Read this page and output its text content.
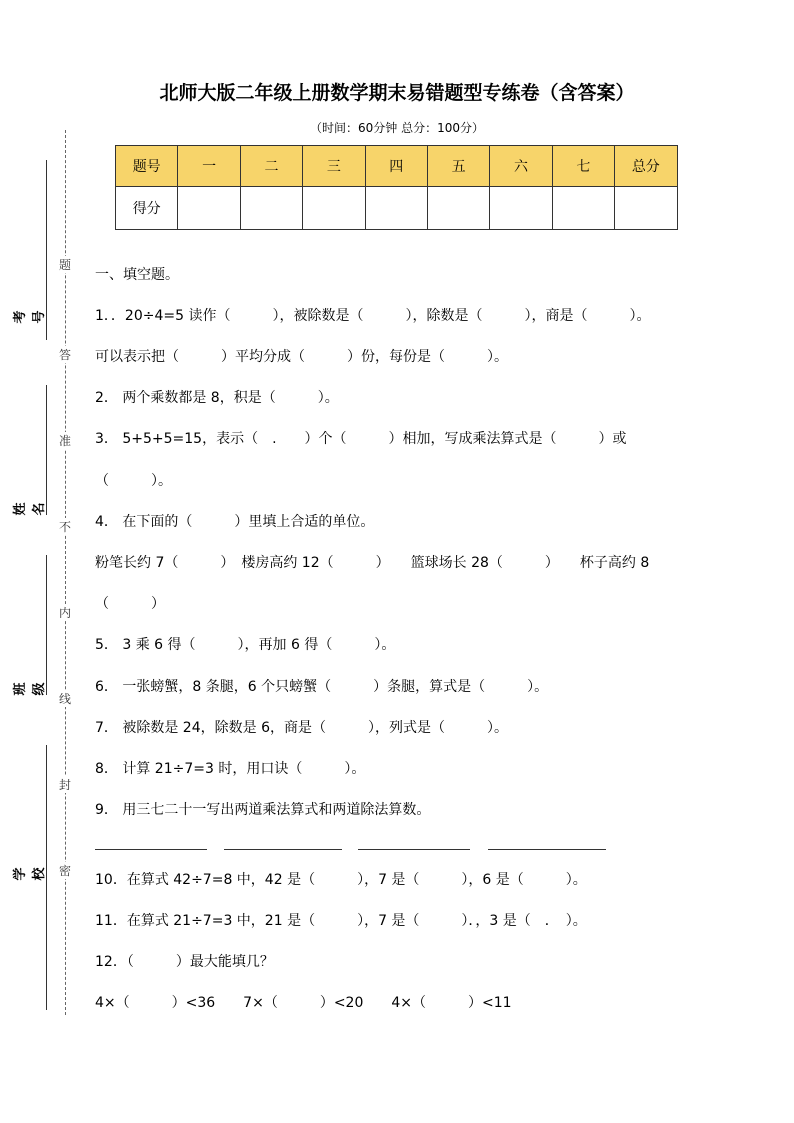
北师大版二年级上册数学期末易错题型专练卷（含答案）
（时间：60分钟 总分：100分）
题号	一	二	三	四	五	六	七	总分
得分								
考号
姓名
班级
学校
题
答
准
不
内
线
封
密
一、填空题。
1．．20÷4=5 读作（　　　），被除数是（　　　），除数是（　　　），商是（　　　）。
可以表示把（　　　）平均分成（　　　）份，每份是（　　　）。
2． 两个乘数都是 8，积是（　　　）。
3． 5+5+5=15，表示（　.　　）个（　　　）相加，写成乘法算式是（　　　）或
（　　　）。
4． 在下面的（　　　）里填上合适的单位。
粉笔长约 7（　　　）　楼房高约 12（　　　）　　篮球场长 28（　　　）　　杯子高约 8
（　　　）
5． 3 乘 6 得（　　　），再加 6 得（　　　）。
6． 一张螃蟹，8 条腿，6 个只螃蟹（　　　）条腿，算式是（　　　）。
7． 被除数是 24，除数是 6，商是（　　　），列式是（　　　）。
8． 计算 21÷7=3 时，用口诀（　　　）。
9． 用三七二十一写出两道乘法算式和两道除法算数。
10．在算式 42÷7=8 中，42 是（　　　），7 是（　　　），6 是（　　　）。
11．在算式 21÷7=3 中，21 是（　　　），7 是（　　　）．，3 是（　．　）。
12．（　　　）最大能填几？
4×（　　　）<36　　7×（　　　）<20　　4×（　　　）<11
